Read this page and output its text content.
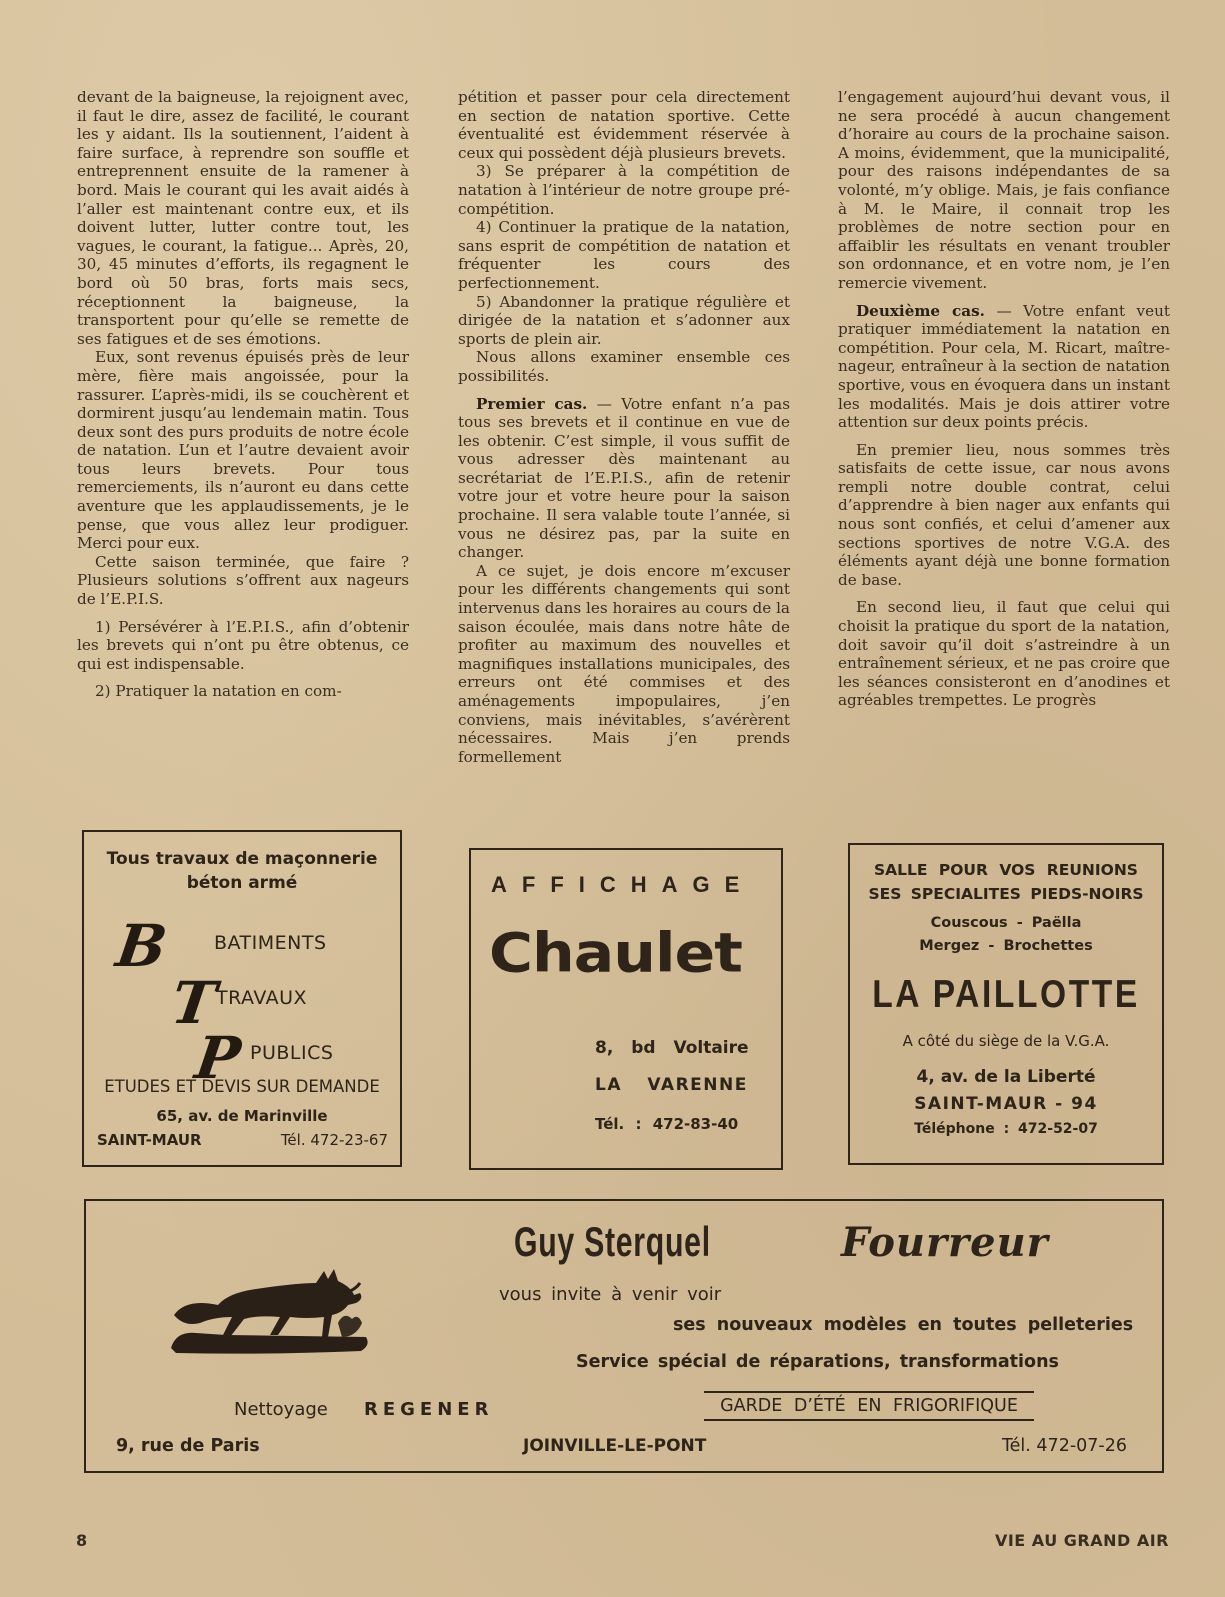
devant de la baigneuse, la rejoignent avec, il faut le dire, assez de facilité, le courant les y aidant. Ils la soutiennent, l’aident à faire surface, à reprendre son souffle et entreprennent ensuite de la ramener à bord. Mais le courant qui les avait aidés à l’aller est maintenant contre eux, et ils doivent lutter, lutter contre tout, les vagues, le courant, la fatigue... Après, 20, 30, 45 minutes d’efforts, ils regagnent le bord où 50 bras, forts mais secs, réceptionnent la baigneuse, la transportent pour qu’elle se remette de ses fatigues et de ses émotions.

Eux, sont revenus épuisés près de leur mère, fière mais angoissée, pour la rassurer. L’après-midi, ils se couchèrent et dormirent jusqu’au lendemain matin. Tous deux sont des purs produits de notre école de natation. L’un et l’autre devaient avoir tous leurs brevets. Pour tous remerciements, ils n’auront eu dans cette aventure que les applaudissements, je le pense, que vous allez leur prodiguer. Merci pour eux.

Cette saison terminée, que faire ? Plusieurs solutions s’offrent aux nageurs de l’E.P.I.S.

1) Persévérer à l’E.P.I.S., afin d’obtenir les brevets qui n’ont pu être obtenus, ce qui est indispensable.

2) Pratiquer la natation en com-

pétition et passer pour cela directement en section de natation sportive. Cette éventualité est évidemment réservée à ceux qui possèdent déjà plusieurs brevets.

3) Se préparer à la compétition de natation à l’intérieur de notre groupe pré-compétition.

4) Continuer la pratique de la natation, sans esprit de compétition de natation et fréquenter les cours des perfectionnement.

5) Abandonner la pratique régulière et dirigée de la natation et s’adonner aux sports de plein air.

Nous allons examiner ensemble ces possibilités.

Premier cas. — Votre enfant n’a pas tous ses brevets et il continue en vue de les obtenir. C’est simple, il vous suffit de vous adresser dès maintenant au secrétariat de l’E.P.I.S., afin de retenir votre jour et votre heure pour la saison prochaine. Il sera valable toute l’année, si vous ne désirez pas, par la suite en changer.

A ce sujet, je dois encore m’excuser pour les différents changements qui sont intervenus dans les horaires au cours de la saison écoulée, mais dans notre hâte de profiter au maximum des nouvelles et magnifiques installations municipales, des erreurs ont été commises et des aménagements impopulaires, j’en conviens, mais inévitables, s’avérèrent nécessaires. Mais j’en prends formellement

l’engagement aujourd’hui devant vous, il ne sera procédé à aucun changement d’horaire au cours de la prochaine saison. A moins, évidemment, que la municipalité, pour des raisons indépendantes de sa volonté, m’y oblige. Mais, je fais confiance à M. le Maire, il connait trop les problèmes de notre section pour en affaiblir les résultats en venant troubler son ordonnance, et en votre nom, je l’en remercie vivement.

Deuxième cas. — Votre enfant veut pratiquer immédiatement la natation en compétition. Pour cela, M. Ricart, maître-nageur, entraîneur à la section de natation sportive, vous en évoquera dans un instant les modalités. Mais je dois attirer votre attention sur deux points précis.

En premier lieu, nous sommes très satisfaits de cette issue, car nous avons rempli notre double contrat, celui d’apprendre à bien nager aux enfants qui nous sont confiés, et celui d’amener aux sections sportives de notre V.G.A. des éléments ayant déjà une bonne formation de base.

En second lieu, il faut que celui qui choisit la pratique du sport de la natation, doit savoir qu’il doit s’astreindre à un entraînement sérieux, et ne pas croire que les séances consisteront en d’anodines et agréables trempettes. Le progrès

Tous travaux de maçonnerie
béton armé
B BATIMENTS
T
TRAVAUX
P PUBLICS
ETUDES ET DEVIS SUR DEMANDE
65, av. de Marinville
SAINT-MAUR	Tél. 472-23-67
AFFICHAGE
Chaulet
8, bd Voltaire
LA VARENNE
Tél. : 472-83-40
SALLE POUR VOS REUNIONS
SES SPECIALITES PIEDS-NOIRS
Couscous - Paëlla
Mergez - Brochettes
LA PAILLOTTE
A côté du siège de la V.G.A.
4, av. de la Liberté
SAINT-MAUR - 94
Téléphone : 472-52-07
Guy Sterquel	Fourreur
vous invite à venir voir
ses nouveaux modèles en toutes pelleteries
Service spécial de réparations, transformations
Nettoyage REGENER	GARDE D’ÉTÉ EN FRIGORIFIQUE
9, rue de Paris	JOINVILLE-LE-PONT	Tél. 472-07-26
8	VIE AU GRAND AIR
